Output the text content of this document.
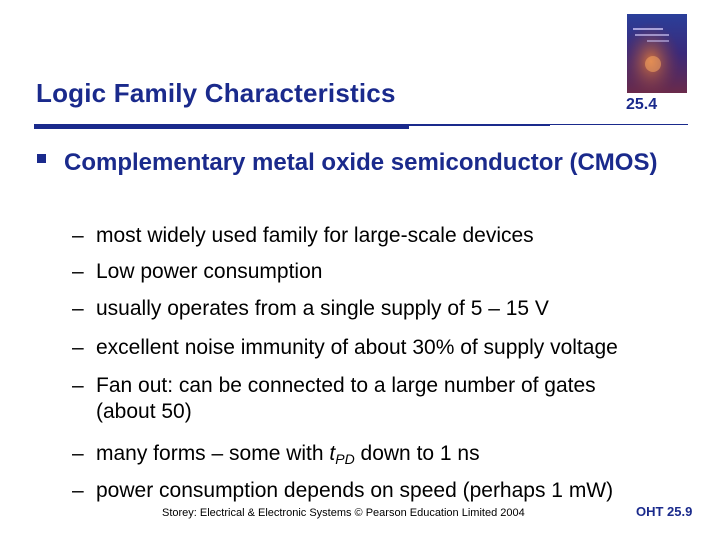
Logic Family Characteristics	25.4
Complementary metal oxide semiconductor (CMOS)
– most widely used family for large-scale devices
– Low power consumption
– usually operates from a single supply of 5 – 15 V
– excellent noise immunity of about 30% of supply voltage
– Fan out: can be connected to a large number of gates
(about 50)
– many forms – some with $t_{PD}$ down to 1 ns
– power consumption depends on speed (perhaps 1 mW)
Storey: Electrical & Electronic Systems © Pearson Education Limited 2004	OHT 25.9
